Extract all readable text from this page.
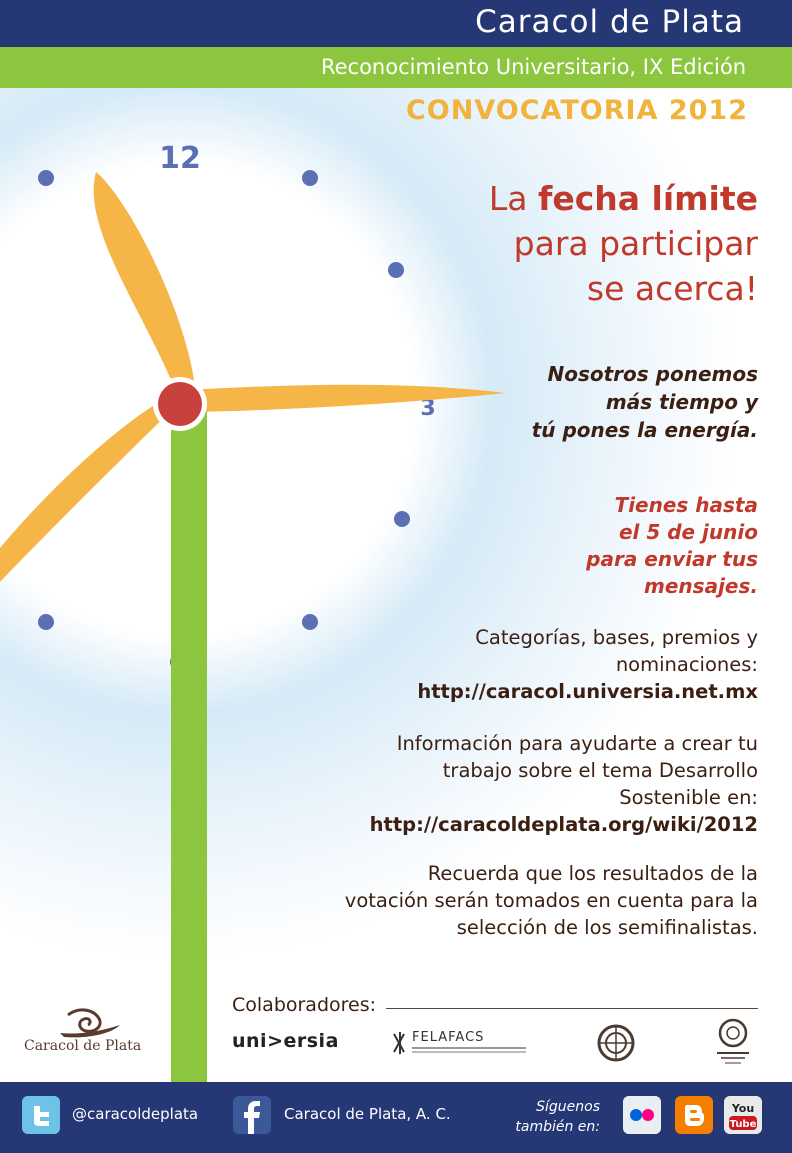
12
3
Caracol de Plata
Reconocimiento Universitario, IX Edición
CONVOCATORIA 2012
La fecha límite
para participar
se acerca!
Nosotros ponemos
más tiempo y
tú pones la energía.
Tienes hasta
el 5 de junio
para enviar tus
mensajes.
Categorías, bases, premios y
nominaciones:
http://caracol.universia.net.mx
Información para ayudarte a crear tu
trabajo sobre el tema Desarrollo
Sostenible en:
http://caracoldeplata.org/wiki/2012
Recuerda que los resultados de la
votación serán tomados en cuenta para la
selección de los semifinalistas.
Colaboradores:
Caracol de Plata	uni>ersia	FELAFACS
@caracoldeplata	Caracol de Plata, A. C.	Síguenos
también en:
You
Tube
